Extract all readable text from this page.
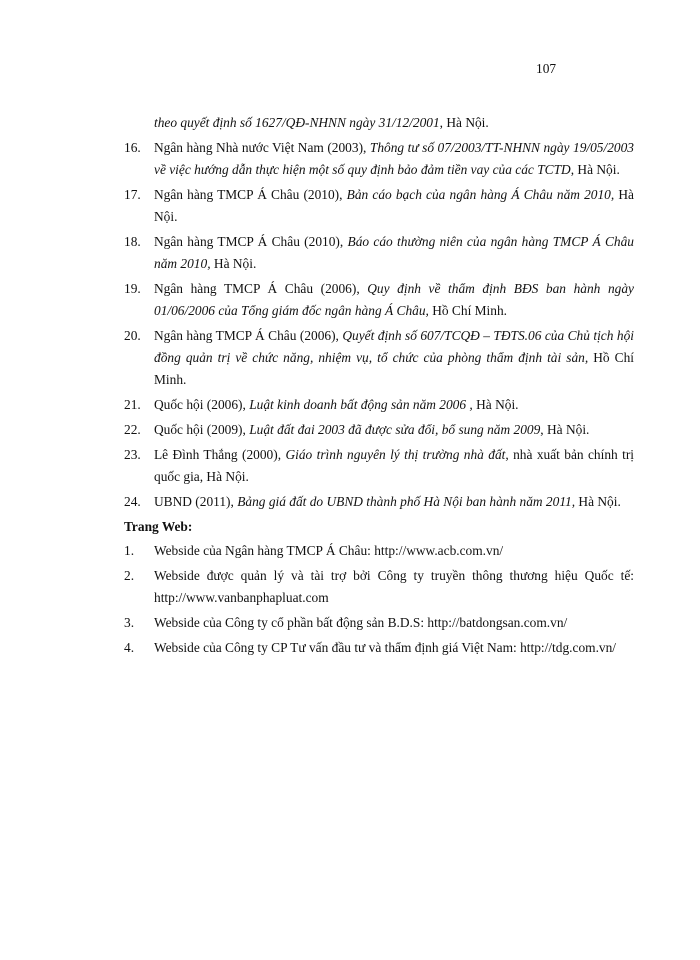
107
theo quyết định số 1627/QĐ-NHNN ngày 31/12/2001, Hà Nội.
16. Ngân hàng Nhà nước Việt Nam (2003), Thông tư số 07/2003/TT-NHNN ngày 19/05/2003 về việc hướng dẫn thực hiện một số quy định bảo đảm tiền vay của các TCTD, Hà Nội.
17. Ngân hàng TMCP Á Châu (2010), Bản cáo bạch của ngân hàng Á Châu năm 2010, Hà Nội.
18. Ngân hàng TMCP Á Châu (2010), Báo cáo thường niên của ngân hàng TMCP Á Châu năm 2010, Hà Nội.
19. Ngân hàng TMCP Á Châu (2006), Quy định về thẩm định BĐS ban hành ngày 01/06/2006 của Tổng giám đốc ngân hàng Á Châu, Hồ Chí Minh.
20. Ngân hàng TMCP Á Châu (2006), Quyết định số 607/TCQĐ – TĐTS.06 của Chủ tịch hội đồng quản trị về chức năng, nhiệm vụ, tổ chức của phòng thẩm định tài sản, Hồ Chí Minh.
21. Quốc hội (2006), Luật kinh doanh bất động sản năm 2006 , Hà Nội.
22. Quốc hội (2009), Luật đất đai 2003 đã được sửa đổi, bổ sung năm 2009, Hà Nội.
23. Lê Đình Thắng (2000), Giáo trình nguyên lý thị trường nhà đất, nhà xuất bản chính trị quốc gia, Hà Nội.
24. UBND (2011), Bảng giá đất do UBND thành phố Hà Nội ban hành năm 2011, Hà Nội.
Trang Web:
1.	Webside của Ngân hàng TMCP Á Châu: http://www.acb.com.vn/
2.	Webside được quản lý và tài trợ bởi Công ty truyền thông thương hiệu Quốc tế: http://www.vanbanphapluat.com
3.	Webside của Công ty cổ phần bất động sản B.D.S: http://batdongsan.com.vn/
4.	Webside của Công ty CP Tư vấn đầu tư và thẩm định giá Việt Nam: http://tdg.com.vn/
